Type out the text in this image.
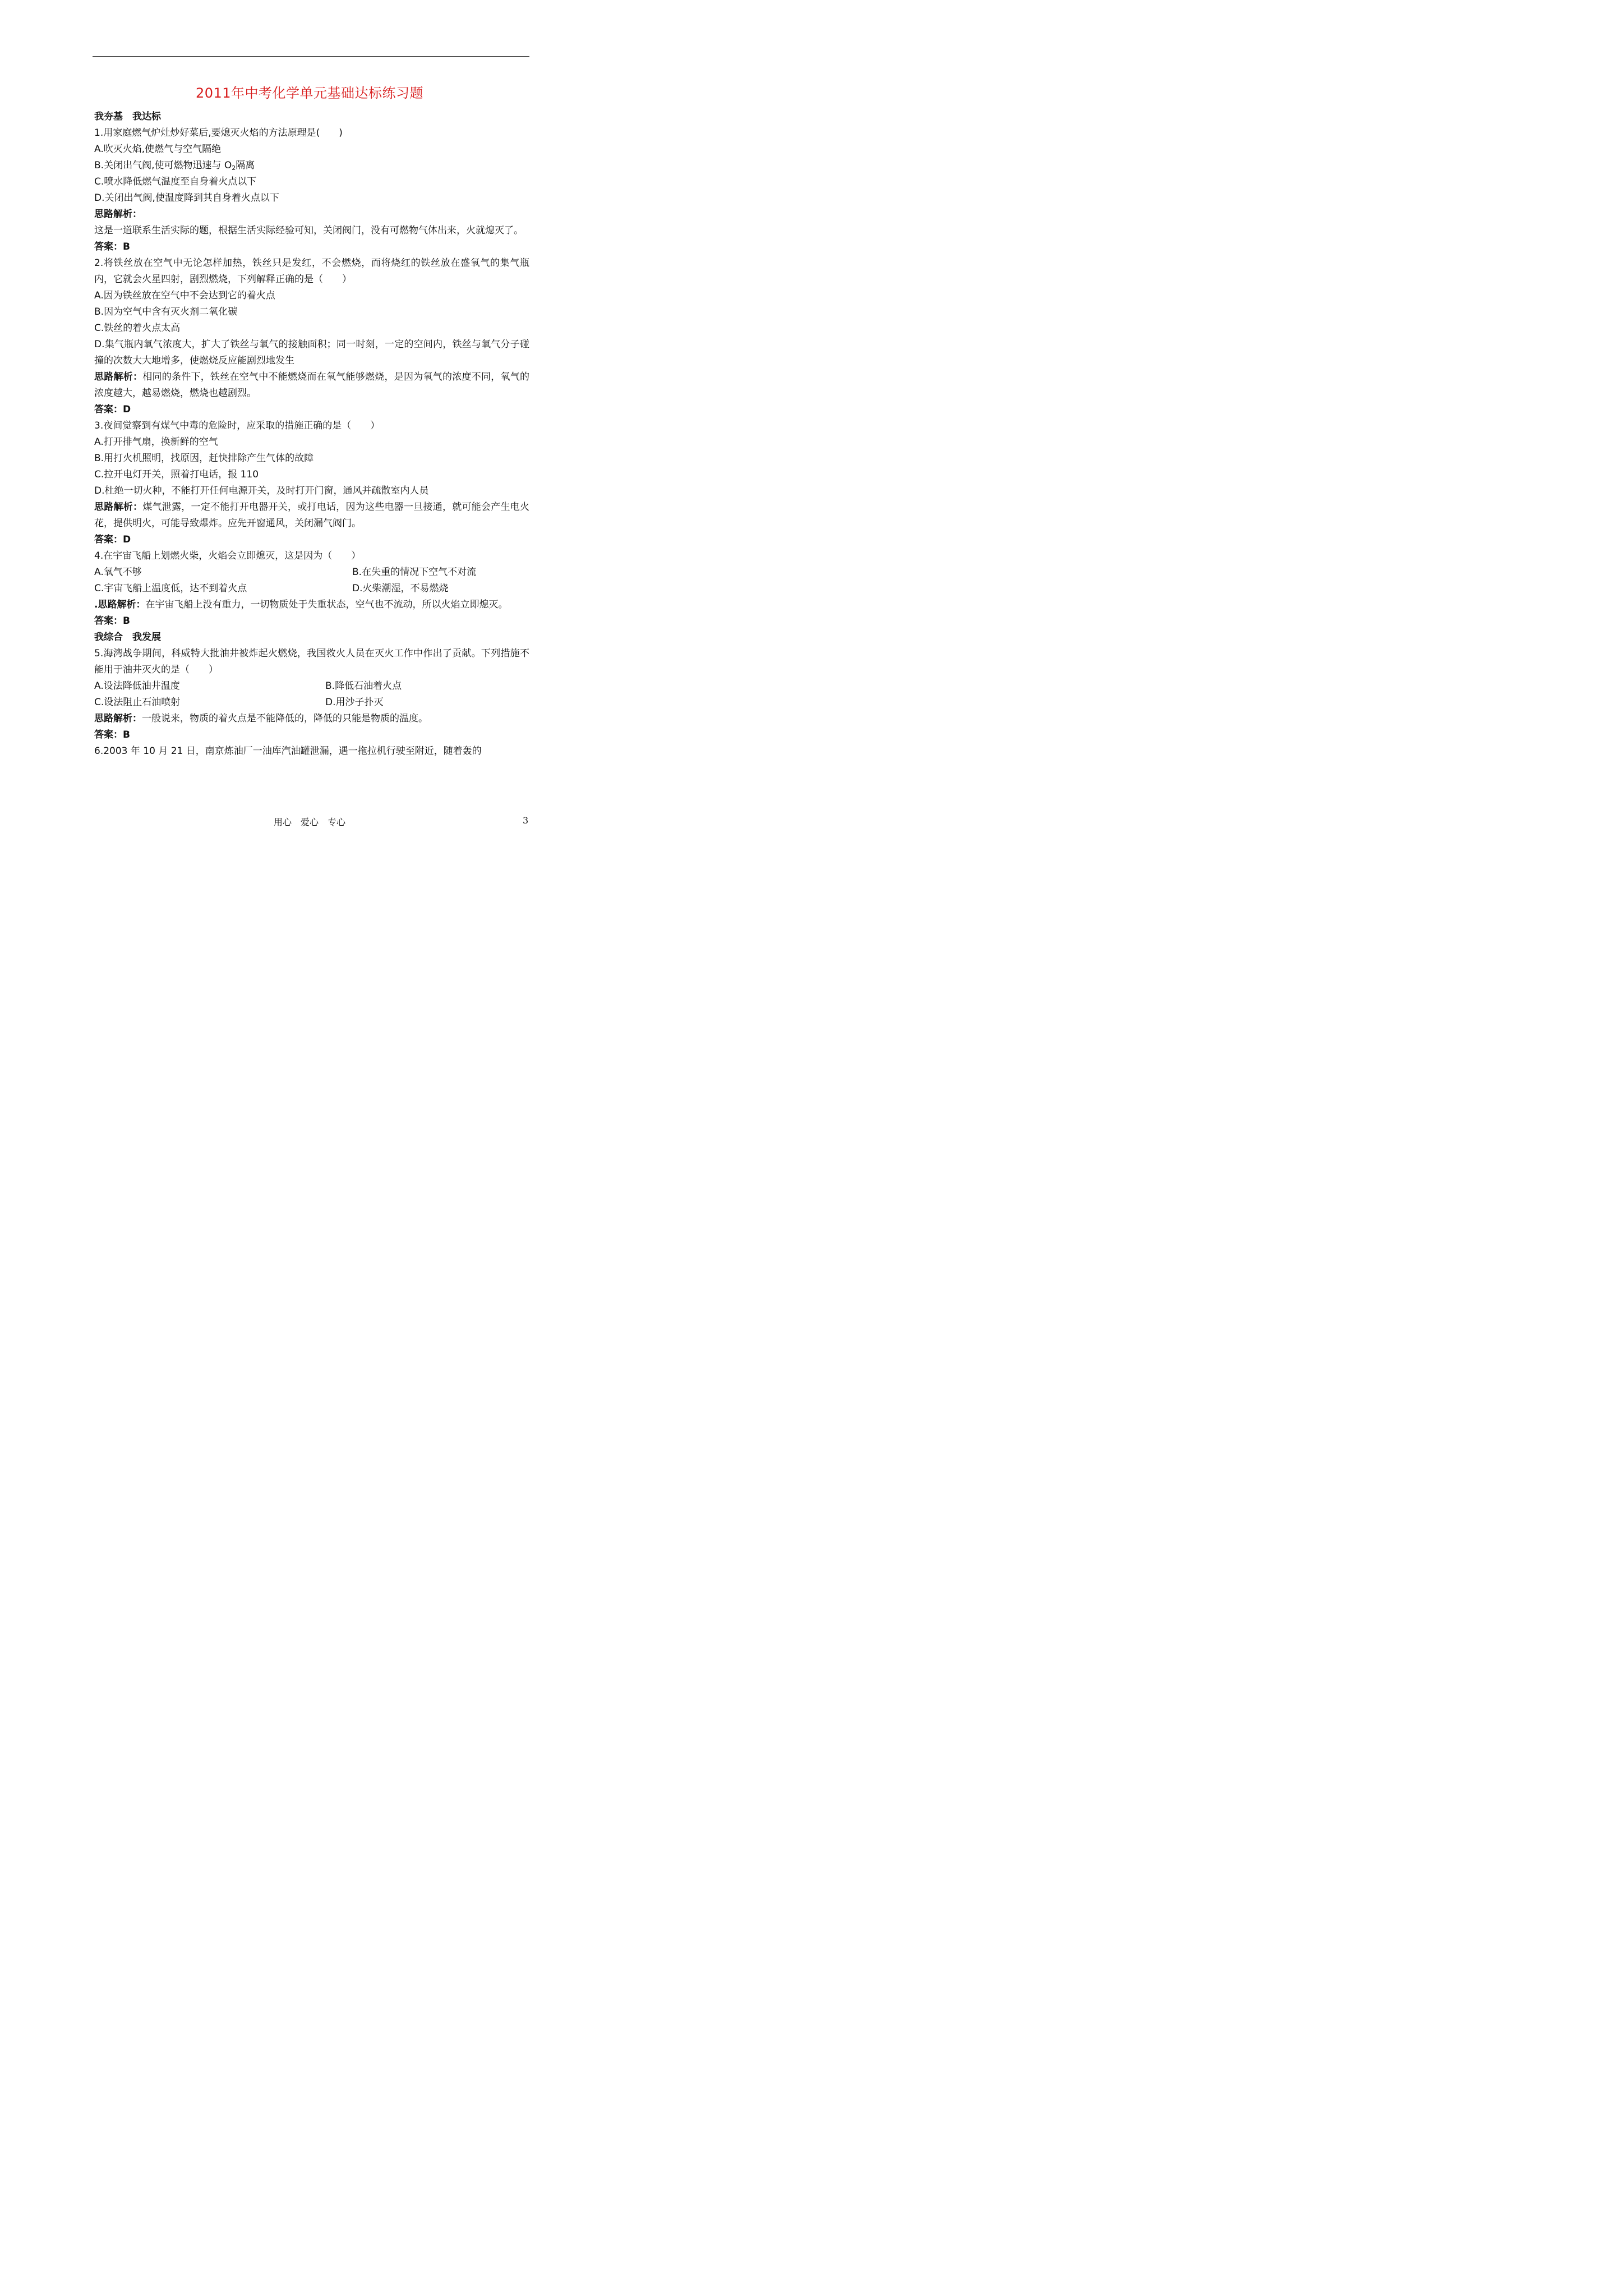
2011年中考化学单元基础达标练习题
我夯基　我达标
1.用家庭燃气炉灶炒好菜后,要熄灭火焰的方法原理是(　　)
A.吹灭火焰,使燃气与空气隔绝
B.关闭出气阀,使可燃物迅速与 $O_2$隔离
C.喷水降低燃气温度至自身着火点以下
D.关闭出气阀,使温度降到其自身着火点以下
思路解析：
这是一道联系生活实际的题，根据生活实际经验可知，关闭阀门，没有可燃物气体出来，火就熄灭了。
答案：B
2.将铁丝放在空气中无论怎样加热，铁丝只是发红，不会燃烧，而将烧红的铁丝放在盛氧气的集气瓶内，它就会火星四射，剧烈燃烧，下列解释正确的是（　　）
A.因为铁丝放在空气中不会达到它的着火点
B.因为空气中含有灭火剂二氧化碳
C.铁丝的着火点太高
D.集气瓶内氧气浓度大，扩大了铁丝与氧气的接触面积；同一时刻，一定的空间内，铁丝与氧气分子碰撞的次数大大地增多，使燃烧反应能剧烈地发生
思路解析：相同的条件下，铁丝在空气中不能燃烧而在氧气能够燃烧，是因为氧气的浓度不同，氧气的浓度越大，越易燃烧，燃烧也越剧烈。
答案：D
3.夜间觉察到有煤气中毒的危险时，应采取的措施正确的是（　　）
A.打开排气扇，换新鲜的空气
B.用打火机照明，找原因，赶快排除产生气体的故障
C.拉开电灯开关，照着打电话，报 110
D.杜绝一切火种，不能打开任何电源开关，及时打开门窗，通风并疏散室内人员
思路解析：煤气泄露，一定不能打开电器开关，或打电话，因为这些电器一旦接通，就可能会产生电火花，提供明火，可能导致爆炸。应先开窗通风，关闭漏气阀门。
答案：D
4.在宇宙飞船上划燃火柴，火焰会立即熄灭，这是因为（　　）
A.氧气不够	B.在失重的情况下空气不对流
C.宇宙飞船上温度低，达不到着火点	D.火柴潮湿，不易燃烧
.思路解析：在宇宙飞船上没有重力，一切物质处于失重状态，空气也不流动，所以火焰立即熄灭。
答案：B
我综合　我发展
5.海湾战争期间，科威特大批油井被炸起火燃烧，我国救火人员在灭火工作中作出了贡献。下列措施不能用于油井灭火的是（　　）
A.设法降低油井温度	B.降低石油着火点
C.设法阻止石油喷射	D.用沙子扑灭
思路解析：一般说来，物质的着火点是不能降低的，降低的只能是物质的温度。
答案：B
6.2003 年 10 月 21 日，南京炼油厂一油库汽油罐泄漏，遇一拖拉机行驶至附近，随着轰的
用心　爱心　专心	3
